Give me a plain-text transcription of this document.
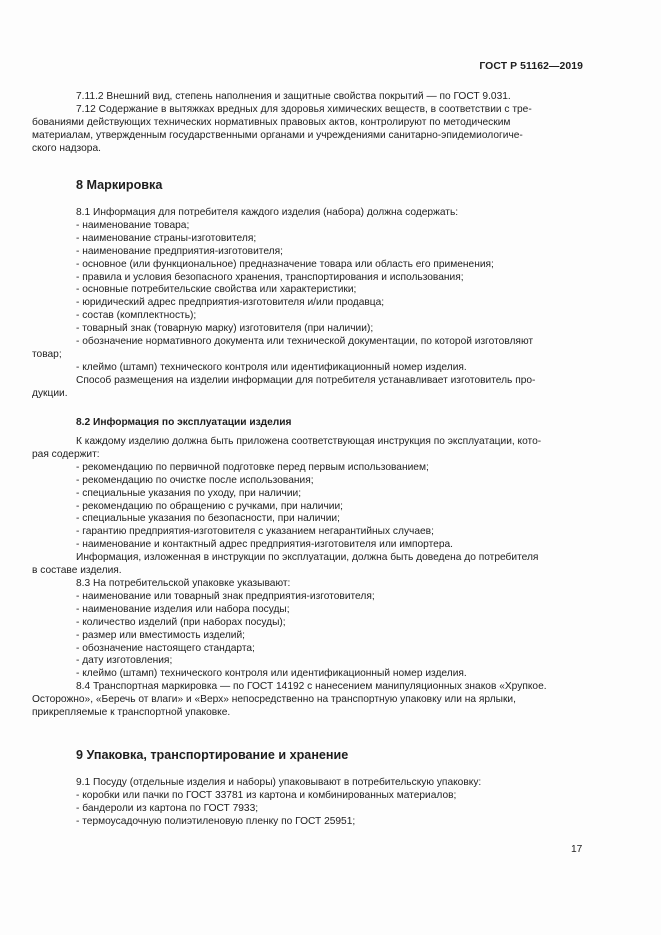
ГОСТ Р 51162—2019

7.11.2 Внешний вид, степень наполнения и защитные свойства покрытий — по ГОСТ 9.031.

7.12 Содержание в вытяжках вредных для здоровья химических веществ, в соответствии с тре-
бованиями действующих технических нормативных правовых актов, контролируют по методическим
материалам, утвержденным государственными органами и учреждениями санитарно-эпидемиологиче-
ского надзора.
8 Маркировка
8.1 Информация для потребителя каждого изделия (набора) должна содержать:
- наименование товара;
- наименование страны-изготовителя;
- наименование предприятия-изготовителя;
- основное (или функциональное) предназначение товара или область его применения;
- правила и условия безопасного хранения, транспортирования и использования;
- основные потребительские свойства или характеристики;
- юридический адрес предприятия-изготовителя и/или продавца;
- состав (комплектность);
- товарный знак (товарную марку) изготовителя (при наличии);
- обозначение нормативного документа или технической документации, по которой изготовляют
товар;
- клеймо (штамп) технического контроля или идентификационный номер изделия.
Способ размещения на изделии информации для потребителя устанавливает изготовитель про-
дукции.
8.2 Информация по эксплуатации изделия
К каждому изделию должна быть приложена соответствующая инструкция по эксплуатации, кото-
рая содержит:
- рекомендацию по первичной подготовке перед первым использованием;
- рекомендацию по очистке после использования;
- специальные указания по уходу, при наличии;
- рекомендацию по обращению с ручками, при наличии;
- специальные указания по безопасности, при наличии;
- гарантию предприятия-изготовителя с указанием негарантийных случаев;
- наименование и контактный адрес предприятия-изготовителя или импортера.
Информация, изложенная в инструкции по эксплуатации, должна быть доведена до потребителя
в составе изделия.
8.3 На потребительской упаковке указывают:
- наименование или товарный знак предприятия-изготовителя;
- наименование изделия или набора посуды;
- количество изделий (при наборах посуды);
- размер или вместимость изделий;
- обозначение настоящего стандарта;
- дату изготовления;
- клеймо (штамп) технического контроля или идентификационный номер изделия.
8.4 Транспортная маркировка — по ГОСТ 14192 с нанесением манипуляционных знаков «Хрупкое.
Осторожно», «Беречь от влаги» и «Верх» непосредственно на транспортную упаковку или на ярлыки,
прикрепляемые к транспортной упаковке.
9 Упаковка, транспортирование и хранение
9.1 Посуду (отдельные изделия и наборы) упаковывают в потребительскую упаковку:
- коробки или пачки по ГОСТ 33781 из картона и комбинированных материалов;
- бандероли из картона по ГОСТ 7933;
- термоусадочную полиэтиленовую пленку по ГОСТ 25951;
17
